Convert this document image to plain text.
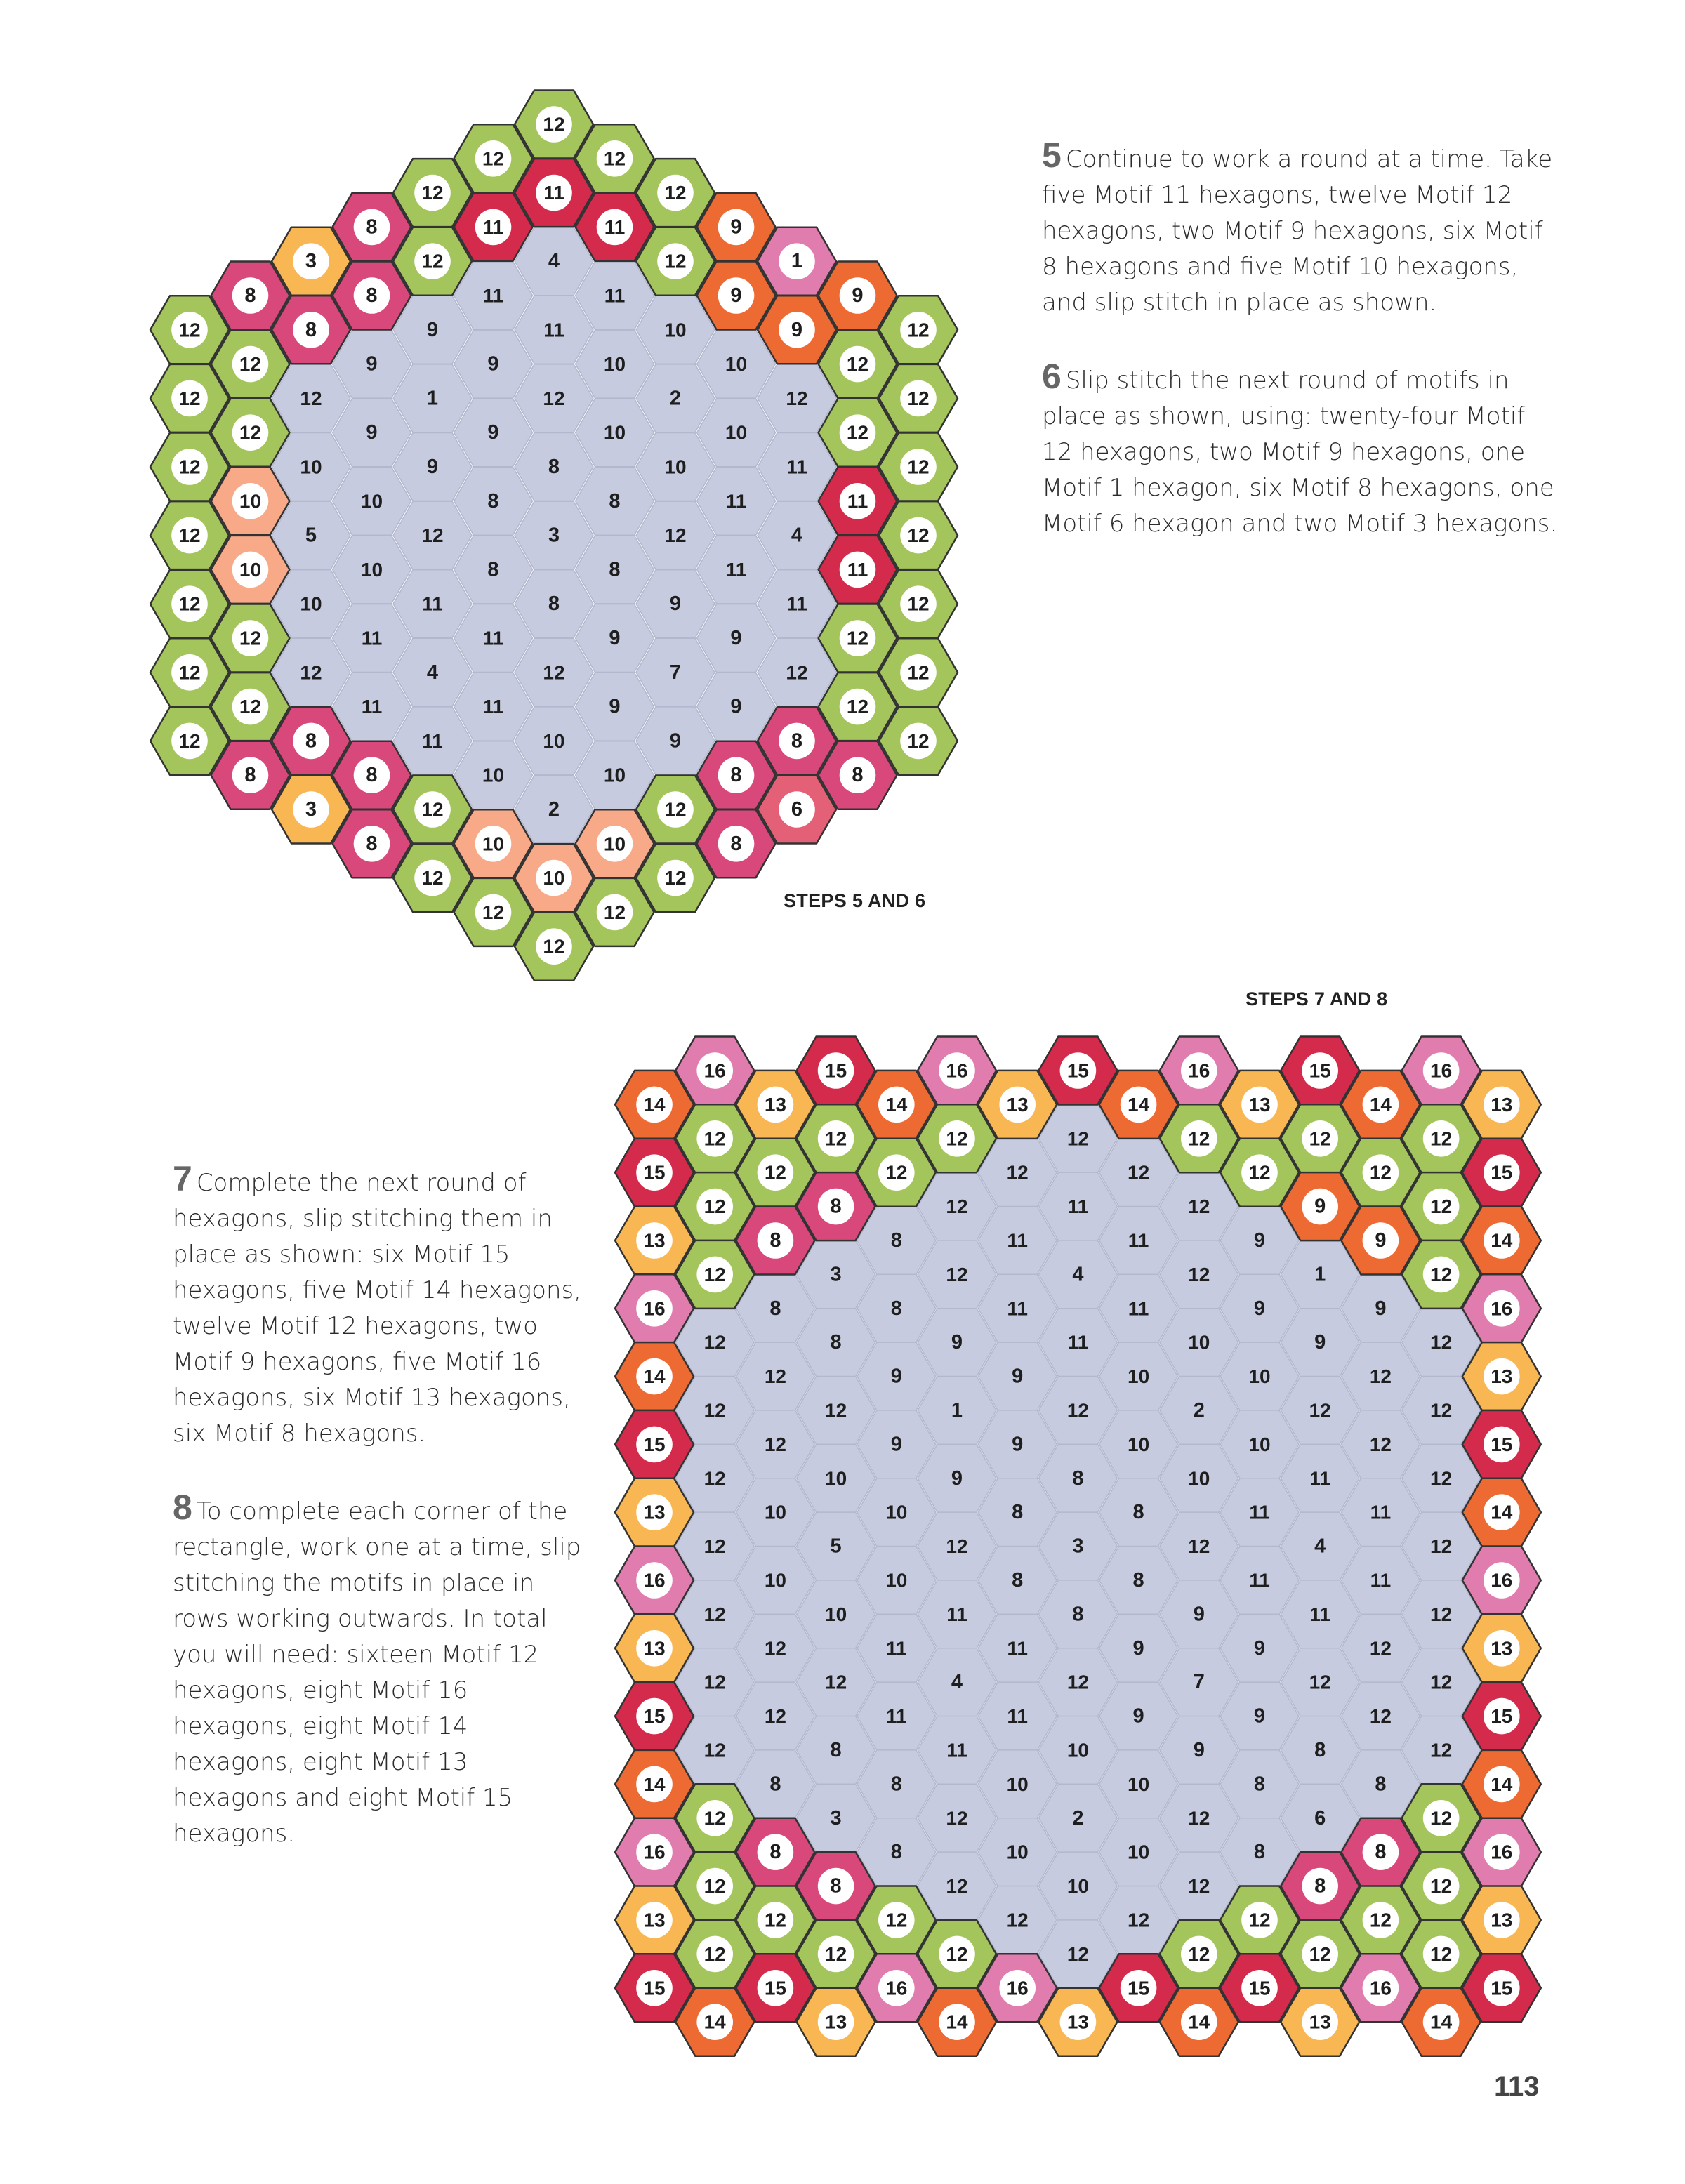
4
11	11
9	11	10
9	9	10	10
12	1	12	2	12
9	9	10	10
10	9	8	10	11
10	8	8	11
5	12	3	12	4
10	8	8	11
10	11	8	9	11
11	11	9	9
12	4	12	7	12
11	11	9	9
11	10	9
10	10
2
12
12	12
12	11	12
8	11	11	9
3	12	12	1
8	8	9	9
12	8	9	12
12	12
12	12
12	12
12	12
10	11
12	12
10	11
12	12
12	12
12	12
12	12
12	8	8	12
8	8	8	8
3	12	12	6
8	10	10	8
12	10	12
12	12
12
12
12	12
12	11	12
8	11	11	9
3	12	4	12	1
8	8	11	11	9	9
12	8	9	11	10	9	12
12	9	9	10	10	12
12	12	1	12	2	12	12
12	9	9	10	10	12
12	10	9	8	10	11	12
10	10	8	8	11	11
12	5	12	3	12	4	12
10	10	8	8	11	11
12	10	11	8	9	11	12
12	11	11	9	9	12
12	12	4	12	7	12	12
12	11	11	9	9	12
12	8	11	10	9	8	12
8	8	10	10	8	8
3	12	2	12	6
8	10	10	8
12	10	12
12	12
12
16	15	16	15	16	15	16
14	13	14	13	14	13	14	13
12	12	12	12	12	12
15	12	12	12	12	15
12	8	9	12
13	8	9	14
12	12
16	16
14	13
15	15
13	14
16	16
13	13
15	15
14	14
12	12
16	8	8	16
12	8	8	12
13	12	12	12	12	13
12	12	12	12	12	12
15	15	16	16	15	15	16	15
14	13	14	13	14	13	14

5 Continue to work a round at a time. Take five Motif 11 hexagons, twelve Motif 12 hexagons, two Motif 9 hexagons, six Motif 8 hexagons and five Motif 10 hexagons, and slip stitch in place as shown.

6 Slip stitch the next round of motifs in place as shown, using: twenty-four Motif 12 hexagons, two Motif 9 hexagons, one Motif 1 hexagon, six Motif 8 hexagons, one Motif 6 hexagon and two Motif 3 hexagons.

7 Complete the next round of hexagons, slip stitching them in place as shown: six Motif 15 hexagons, five Motif 14 hexagons, twelve Motif 12 hexagons, two Motif 9 hexagons, five Motif 16 hexagons, six Motif 13 hexagons, six Motif 8 hexagons.

8 To complete each corner of the rectangle, work one at a time, slip stitching the motifs in place in rows working outwards. In total you will need: sixteen Motif 12 hexagons, eight Motif 16 hexagons, eight Motif 14 hexagons, eight Motif 13 hexagons and eight Motif 15 hexagons.

STEPS 5 AND 6
STEPS 7 AND 8
113
